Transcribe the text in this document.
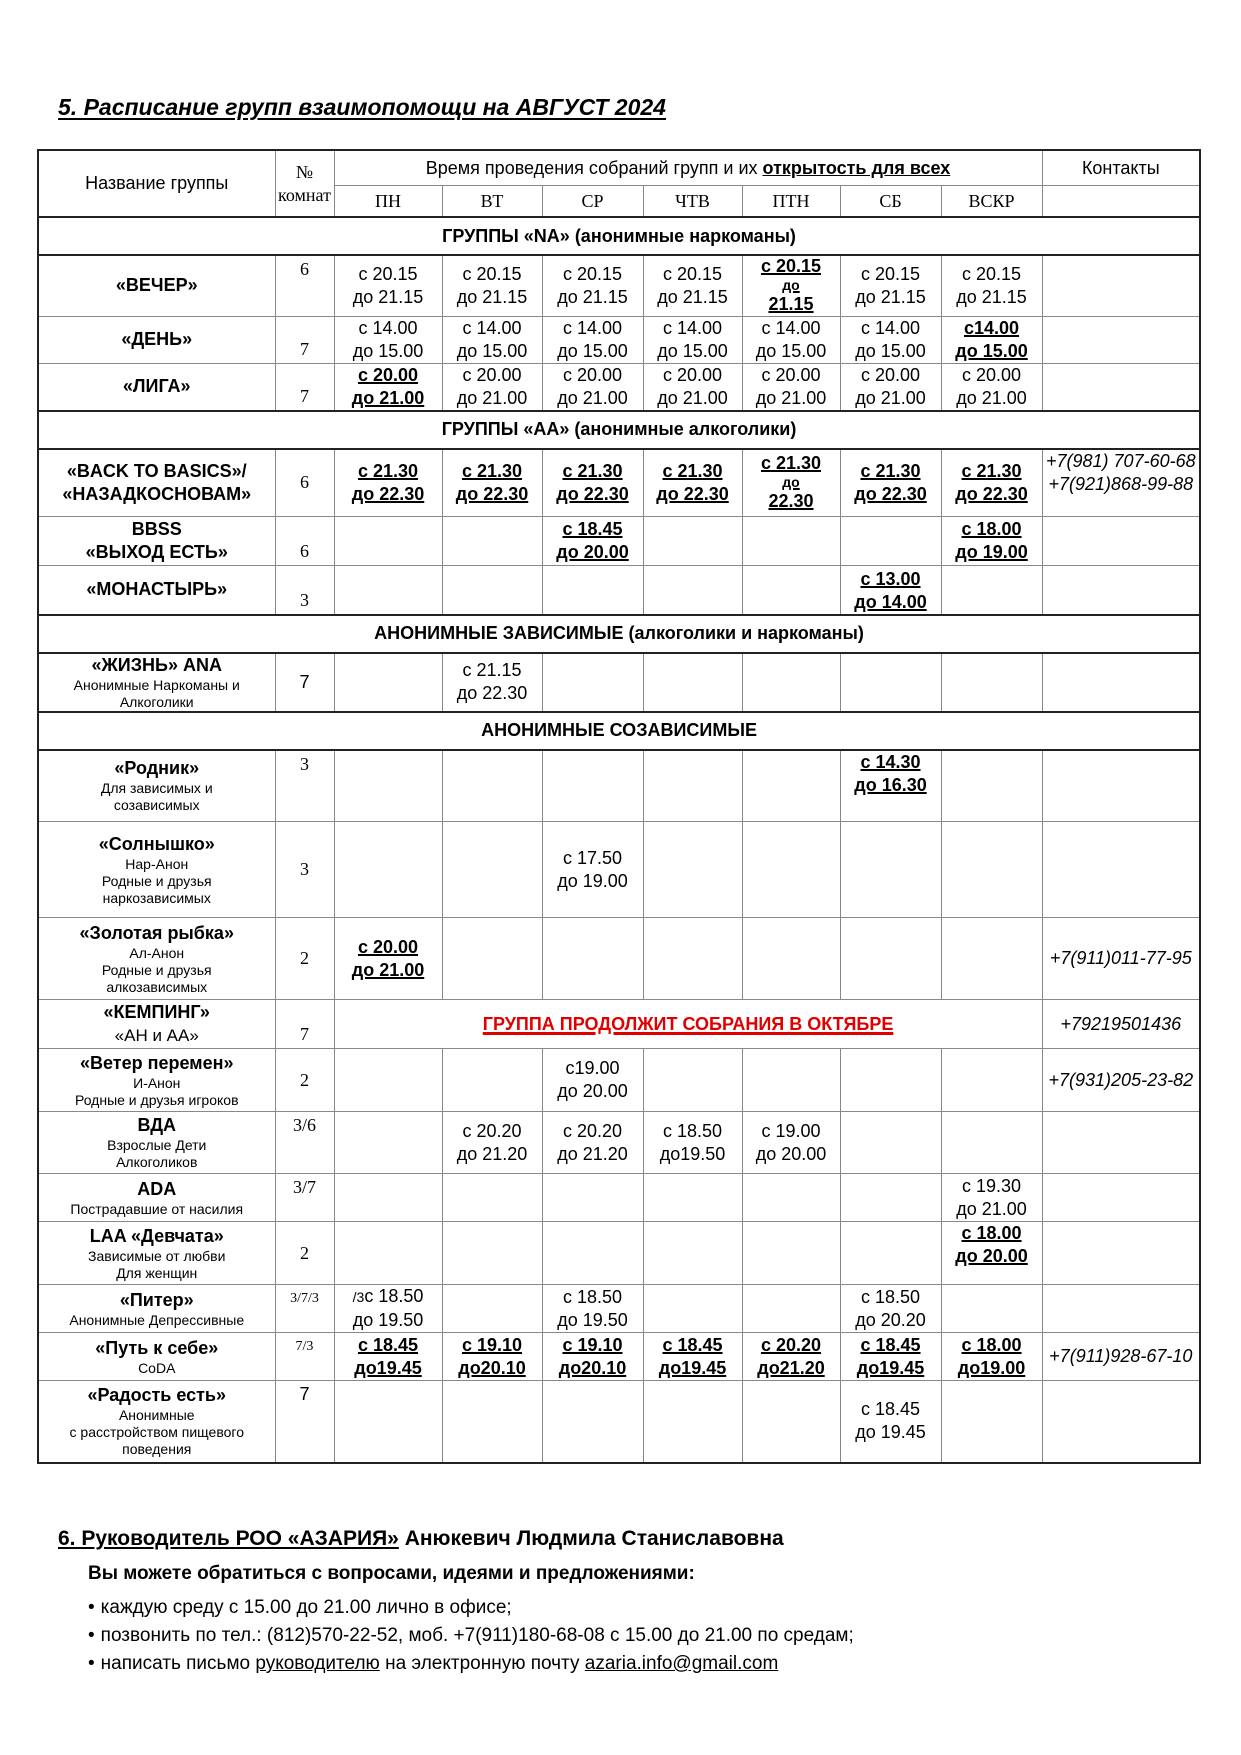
5. Расписание групп взаимопомощи на АВГУСТ 2024
Название группы	№
комнат	Время проведения собраний групп и их открытость для всех							Контакты
		ПН	ВТ	СР	ЧТВ	ПТН	СБ	ВСКР	
ГРУППЫ «NA» (анонимные наркоманы)									
«ВЕЧЕР»	6	с 20.15
до 21.15	с 20.15
до 21.15	с 20.15
до 21.15	с 20.15
до 21.15	с 20.15
до
21.15	с 20.15
до 21.15	с 20.15
до 21.15	

«ДЕНЬ»	7	с 14.00
до 15.00	с 14.00
до 15.00	с 14.00
до 15.00	с 14.00
до 15.00	с 14.00
до 15.00	с 14.00
до 15.00	с14.00
до 15.00	

«ЛИГА»	7	с 20.00
до 21.00	с 20.00
до 21.00	с 20.00
до 21.00	с 20.00
до 21.00	с 20.00
до 21.00	с 20.00
до 21.00	с 20.00
до 21.00	

ГРУППЫ «АА» (анонимные алкоголики)									

«BACK TO BASICS»/
«НАЗАДКОСНОВАМ»	6	с 21.30
до 22.30	с 21.30
до 22.30	с 21.30
до 22.30	с 21.30
до 22.30	с 21.30
до
22.30	с 21.30
до 22.30	с 21.30
до 22.30	+7(981) 707-60-68
+7(921)868-99-88

BBSS
«ВЫХОД ЕСТЬ»	6			с 18.45
до 20.00				с 18.00
до 19.00	

«МОНАСТЫРЬ»	3						с 13.00
до 14.00		

АНОНИМНЫЕ ЗАВИСИМЫЕ (алкоголики и наркоманы)									

«ЖИЗНЬ» ANA
Анонимные Наркоманы и
Алкоголики	7		с 21.15
до 22.30						

АНОНИМНЫЕ СОЗАВИСИМЫЕ									

«Родник»
Для зависимых и
созависимых	3						с 14.30
до 16.30		

«Солнышко»
Нар-Анон
Родные и друзья
наркозависимых	3			с 17.50
до 19.00					

«Золотая рыбка»
Ал-Анон
Родные и друзья
алкозависимых	2	с 20.00
до 21.00							+7(911)011-77-95

«КЕМПИНГ»
«АН и АА»	7	ГРУППА ПРОДОЛЖИТ СОБРАНИЯ В ОКТЯБРЕ							+79219501436

«Ветер перемен»
И-Анон
Родные и друзья игроков	2			с19.00
до 20.00					+7(931)205-23-82

ВДА
Взрослые Дети
Алкоголиков	3/6		с 20.20
до 21.20	с 20.20
до 21.20	с 18.50
до19.50	с 19.00
до 20.00			

ADA
Пострадавшие от насилия	3/7							с 19.30
до 21.00	

LAA «Девчата»
Зависимые от любви
Для женщин	2							с 18.00
до 20.00	

«Питер»
Анонимные Депрессивные	3/7/3	/3с 18.50
до 19.50		с 18.50
до 19.50			с 18.50
до 20.20		

«Путь к себе»
CoDA	7/3	с 18.45
до19.45	с 19.10
до20.10	с 19.10
до20.10	с 18.45
до19.45	с 20.20
до21.20	с 18.45
до19.45	с 18.00
до19.00	+7(911)928-67-10

«Радость есть»
Анонимные
с расстройством пищевого
поведения	7						с 18.45
до 19.45		

6. Руководитель РОО «АЗАРИЯ» Анюкевич Людмила Станиславовна
Вы можете обратиться с вопросами, идеями и предложениями:
• каждую среду с 15.00 до 21.00 лично в офисе;
• позвонить по тел.: (812)570-22-52, моб. +7(911)180-68-08 с 15.00 до 21.00 по средам;
• написать письмо руководителю на электронную почту azaria.info@gmail.com
